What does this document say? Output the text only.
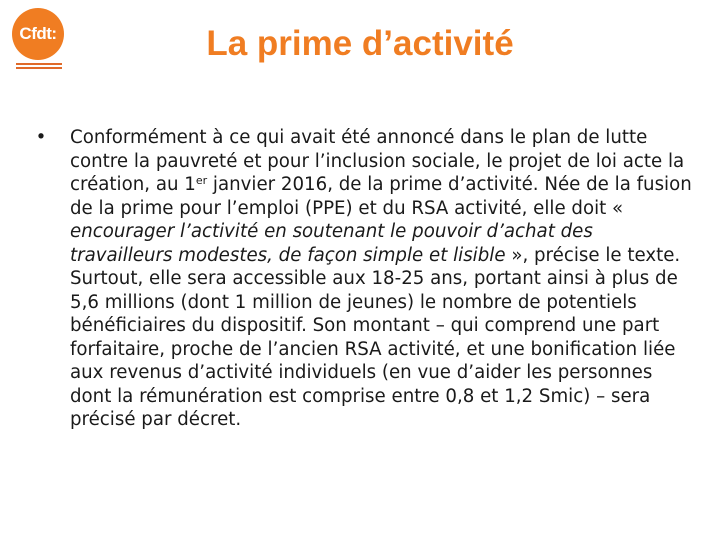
Cfdt:	La prime d’activité
• Conformément à ce qui avait été annoncé dans le plan de lutte contre la pauvreté et pour l’inclusion sociale, le projet de loi acte la création, au 1er janvier 2016, de la prime d’activité. Née de la fusion de la prime pour l’emploi (PPE) et du RSA activité, elle doit « encourager l’activité en soutenant le pouvoir d’achat des travailleurs modestes, de façon simple et lisible », précise le texte. Surtout, elle sera accessible aux 18-25 ans, portant ainsi à plus de 5,6 millions (dont 1 million de jeunes) le nombre de potentiels bénéficiaires du dispositif. Son montant – qui comprend une part forfaitaire, proche de l’ancien RSA activité, et une bonification liée aux revenus d’activité individuels (en vue d’aider les personnes dont la rémunération est comprise entre 0,8 et 1,2 Smic) – sera précisé par décret.
